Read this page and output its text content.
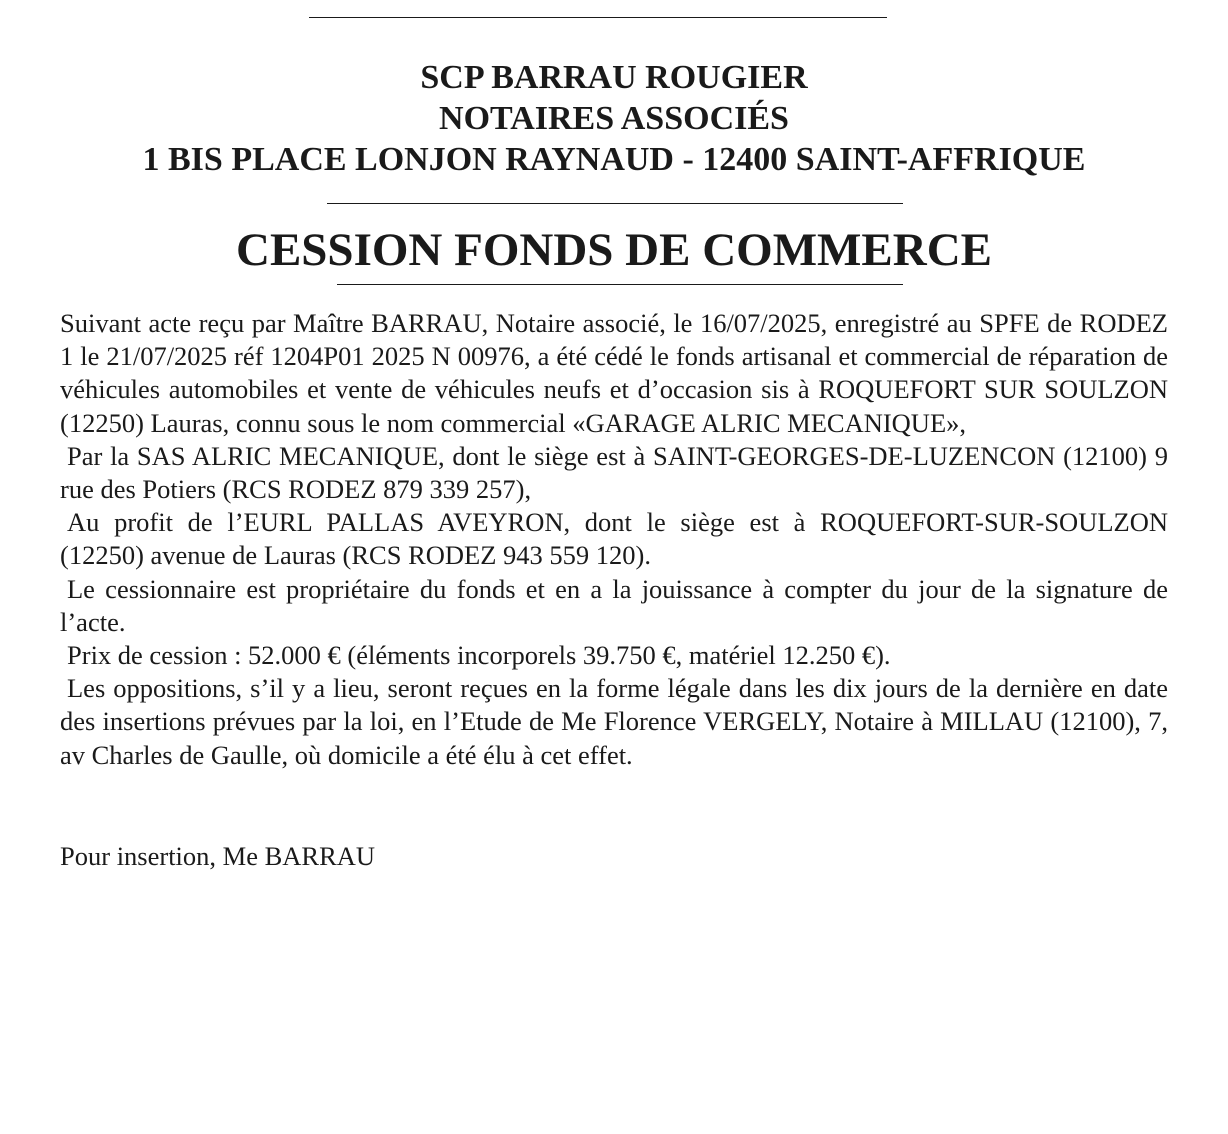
SCP BARRAU ROUGIER
NOTAIRES ASSOCIÉS
1 BIS PLACE LONJON RAYNAUD - 12400 SAINT-AFFRIQUE
CESSION FONDS DE COMMERCE

Suivant acte reçu par Maître BARRAU, Notaire associé, le 16/07/2025, enregistré au SPFE de RODEZ 1 le 21/07/2025 réf 1204P01 2025 N 00976, a été cédé le fonds artisanal et commercial de réparation de véhicules automobiles et vente de véhicules neufs et d’occasion sis à ROQUEFORT SUR SOULZON (12250) Lauras, connu sous le nom commercial «GARAGE ALRIC MECANIQUE»,

Par la SAS ALRIC MECANIQUE, dont le siège est à SAINT-GEORGES-DE-LUZENCON (12100) 9 rue des Potiers (RCS RODEZ 879 339 257),

Au profit de l’EURL PALLAS AVEYRON, dont le siège est à ROQUEFORT-SUR-SOULZON (12250) avenue de Lauras (RCS RODEZ 943 559 120).

Le cessionnaire est propriétaire du fonds et en a la jouissance à compter du jour de la signature de l’acte.

Prix de cession : 52.000 € (éléments incorporels 39.750 €, matériel 12.250 €).

Les oppositions, s’il y a lieu, seront reçues en la forme légale dans les dix jours de la dernière en date des insertions prévues par la loi, en l’Etude de Me Florence VERGELY, Notaire à MILLAU (12100), 7, av Charles de Gaulle, où domicile a été élu à cet effet.

Pour insertion, Me BARRAU
